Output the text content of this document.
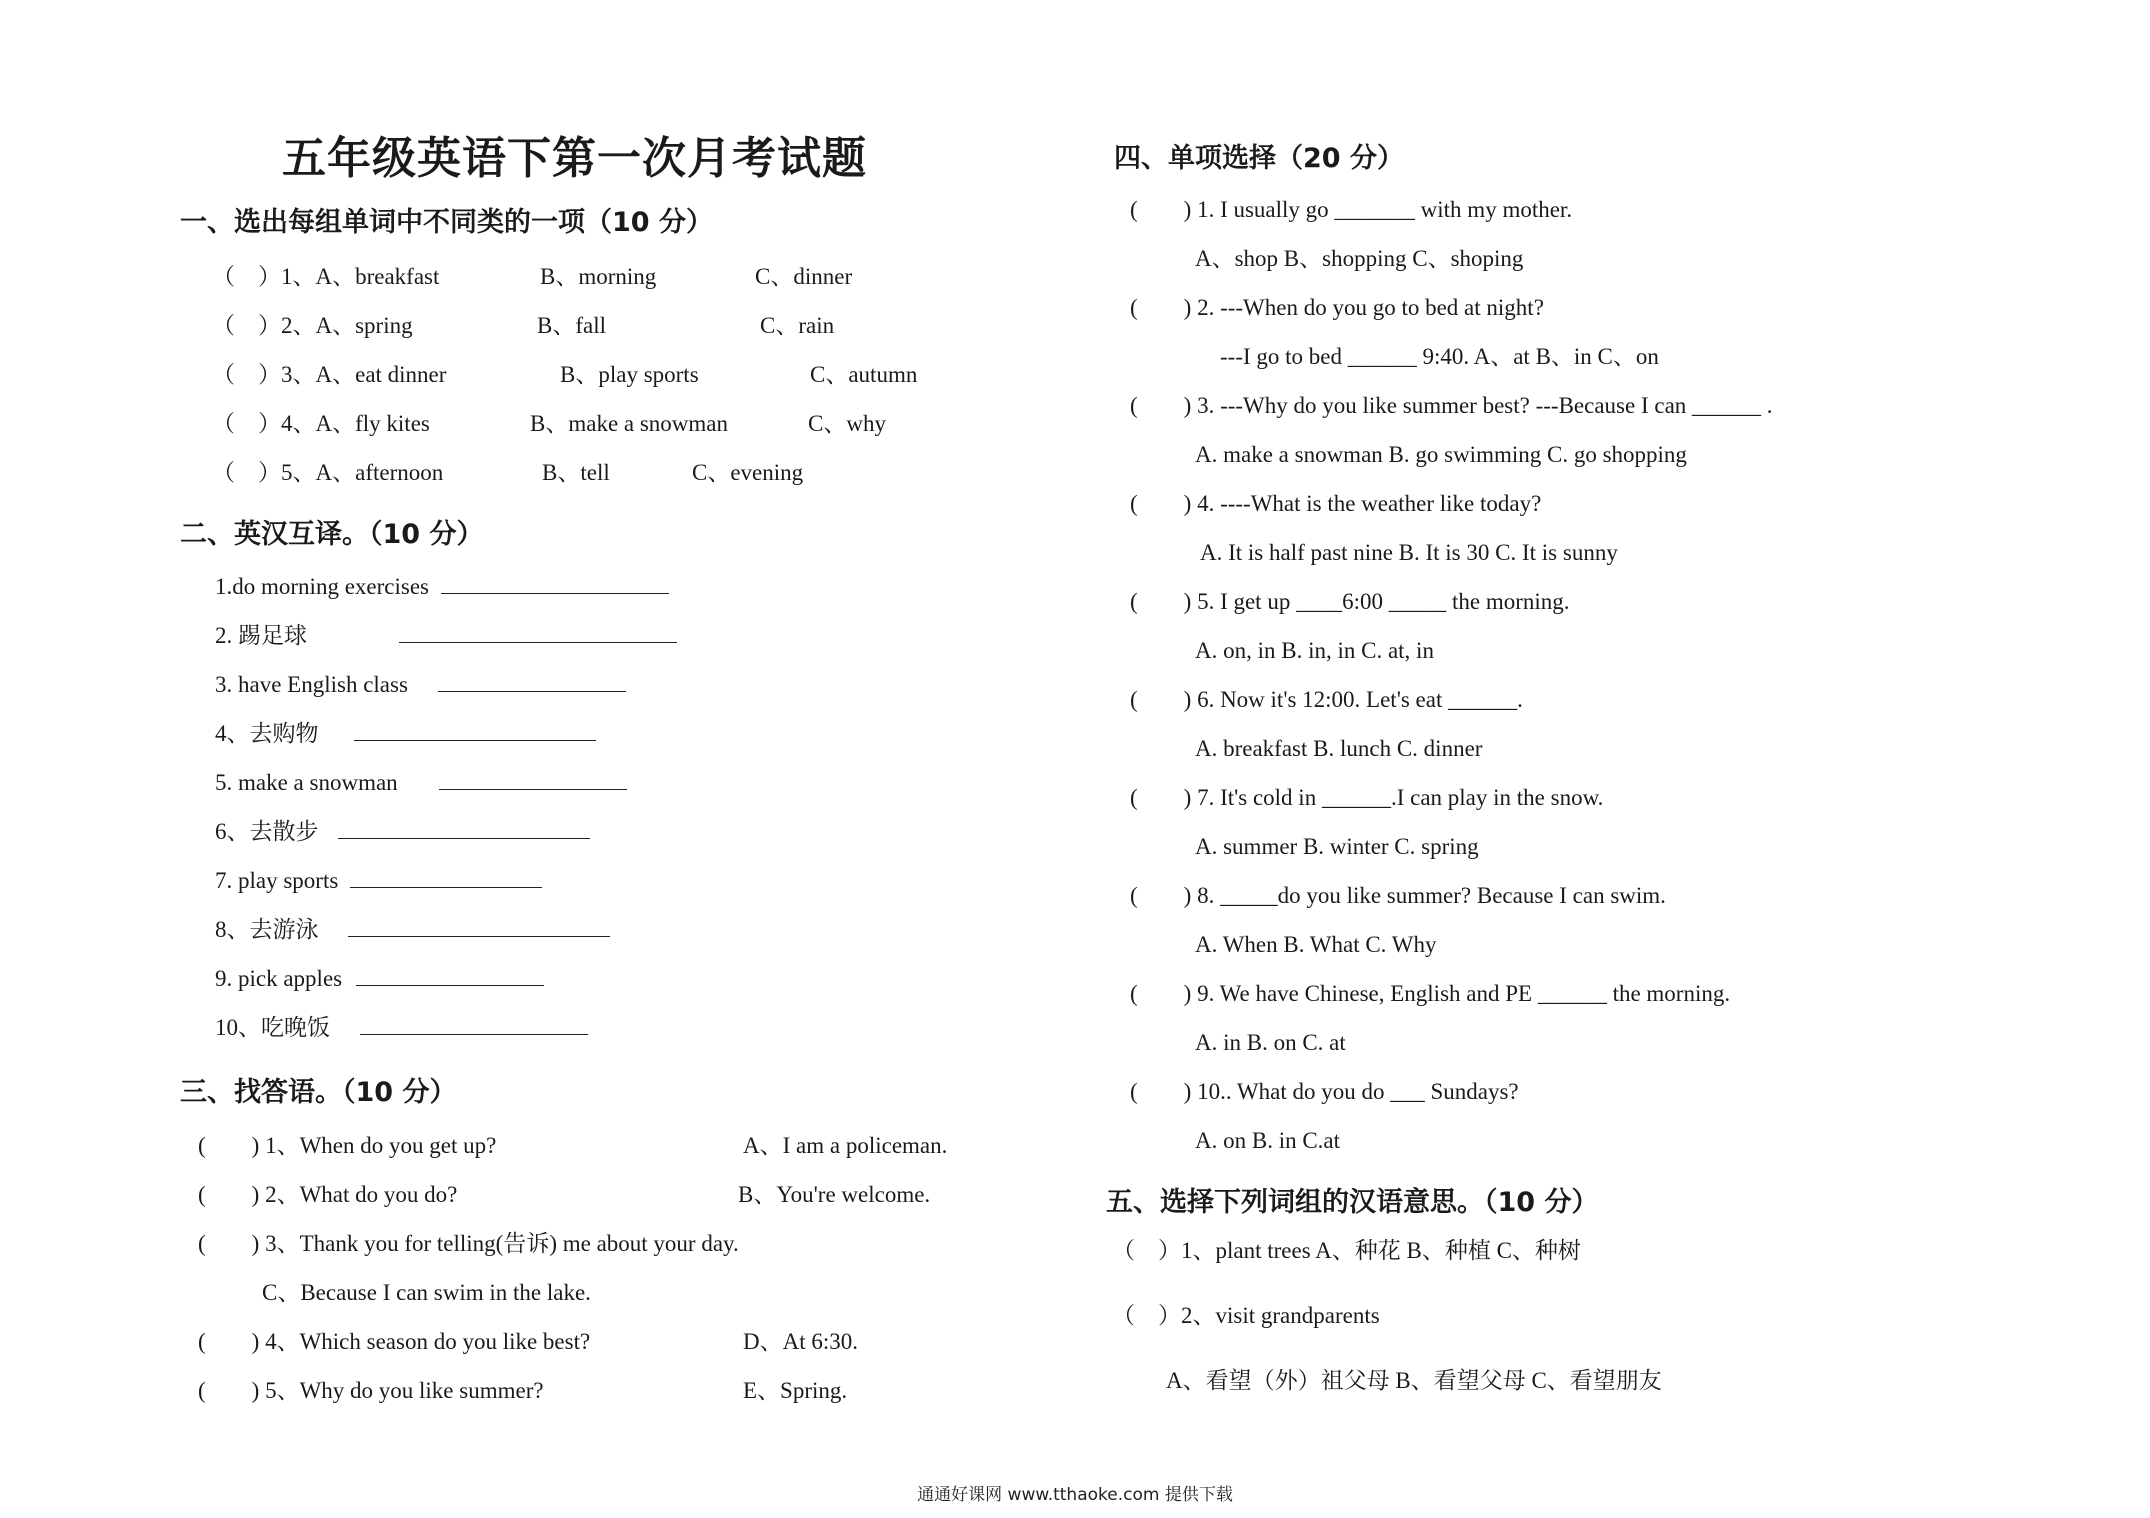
五年级英语下第一次月考试题
一、选出每组单词中不同类的一项（10 分）
（　）1、A、breakfast	B、morning	C、dinner
（　）2、A、spring	B、fall	C、rain
（　）3、A、eat dinner	B、play sports	C、autumn
（　）4、A、fly kites	B、make a snowman	C、why
（　）5、A、afternoon	B、tell	C、evening
二、英汉互译。（10 分）
1.do morning exercises
2. 踢足球
3. have English class
4、去购物
5. make a snowman
6、去散步
7. play sports
8、去游泳
9. pick apples
10、吃晚饭
三、找答语。（10 分）
(　　) 1、When do you get up?	A、I am a policeman.
(　　) 2、What do you do?	B、You're welcome.
(　　) 3、Thank you for telling(告诉) me about your day.
C、Because I can swim in the lake.
(　　) 4、Which season do you like best?	D、At 6:30.
(　　) 5、Why do you like summer?	E、Spring.
四、单项选择（20 分）
(　　) 1. I usually go _______ with my mother.
A、shop B、shopping C、shoping
(　　) 2. ---When do you go to bed at night?
---I go to bed ______ 9:40. A、at B、in C、on
(　　) 3. ---Why do you like summer best? ---Because I can ______ .
A. make a snowman B. go swimming C. go shopping
(　　) 4. ----What is the weather like today?
A. It is half past nine B. It is 30 C. It is sunny
(　　) 5. I get up ____6:00 _____ the morning.
A. on, in B. in, in C. at, in
(　　) 6. Now it's 12:00. Let's eat ______.
A. breakfast B. lunch C. dinner
(　　) 7. It's cold in ______.I can play in the snow.
A. summer B. winter C. spring
(　　) 8. _____do you like summer? Because I can swim.
A. When B. What C. Why
(　　) 9. We have Chinese, English and PE ______ the morning.
A. in B. on C. at
(　　) 10.. What do you do ___ Sundays?
A. on B. in C.at
五、选择下列词组的汉语意思。（10 分）
（　）1、plant trees A、种花 B、种植 C、种树
（　）2、visit grandparents
A、看望（外）祖父母 B、看望父母 C、看望朋友
通通好课网 www.tthaoke.com 提供下载
